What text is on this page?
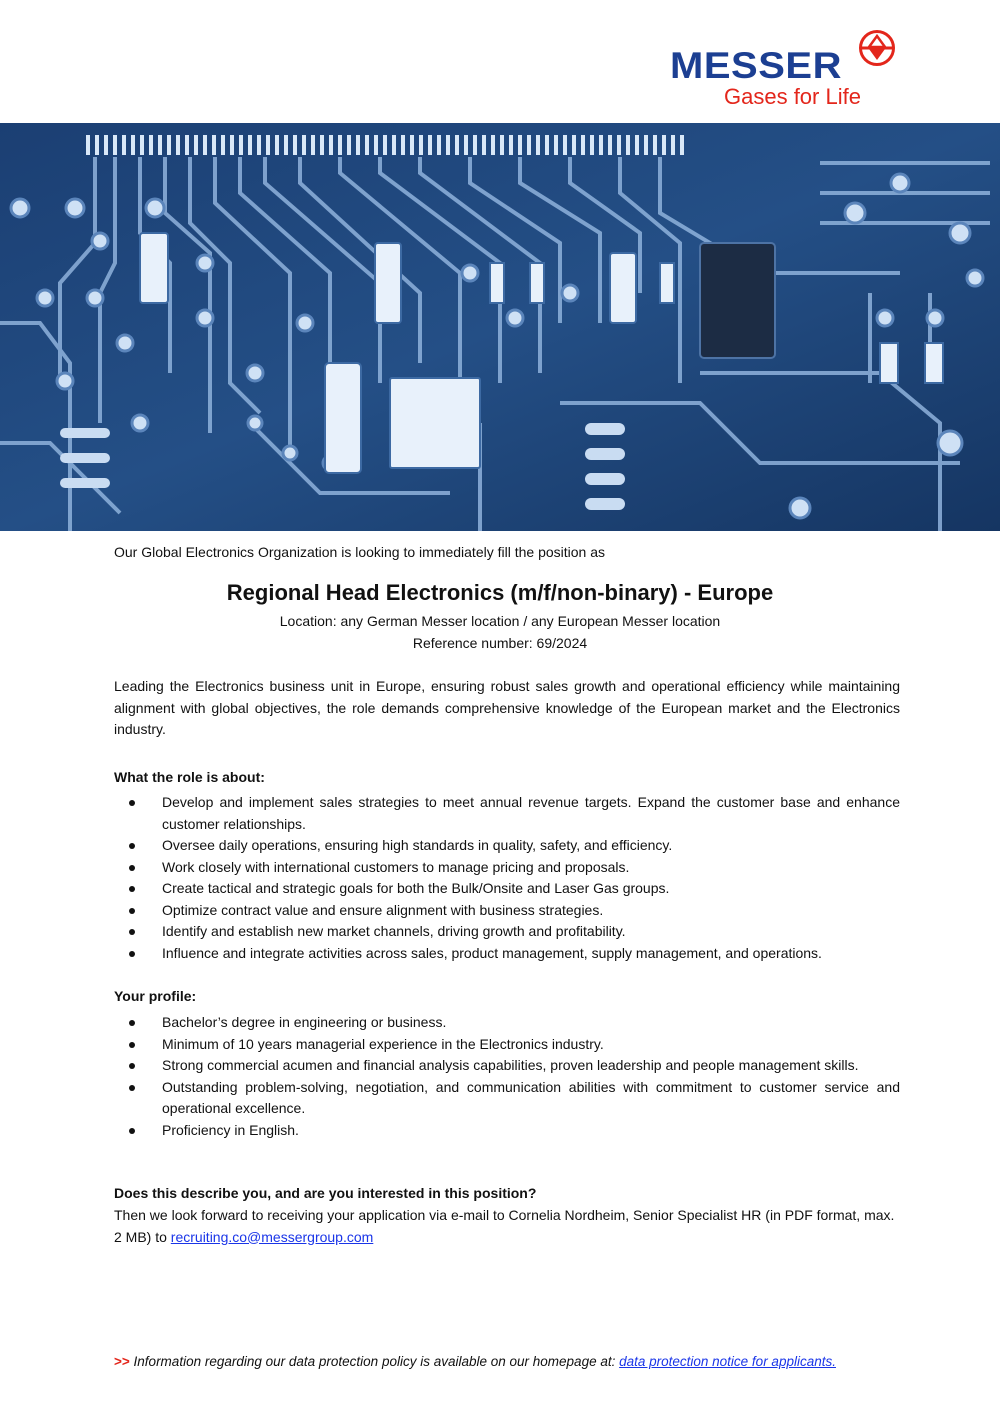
MESSER
Gases for Life
Our Global Electronics Organization is looking to immediately fill the position as
Regional Head Electronics (m/f/non-binary) - Europe
Location: any German Messer location / any European Messer location
Reference number: 69/2024
Leading the Electronics business unit in Europe, ensuring robust sales growth and operational efficiency while maintaining alignment with global objectives, the role demands comprehensive knowledge of the European market and the Electronics industry.
What the role is about:
Develop and implement sales strategies to meet annual revenue targets. Expand the customer base and enhance customer relationships.
Oversee daily operations, ensuring high standards in quality, safety, and efficiency.
Work closely with international customers to manage pricing and proposals.
Create tactical and strategic goals for both the Bulk/Onsite and Laser Gas groups.
Optimize contract value and ensure alignment with business strategies.
Identify and establish new market channels, driving growth and profitability.
Influence and integrate activities across sales, product management, supply management, and operations.
Your profile:
Bachelor’s degree in engineering or business.
Minimum of 10 years managerial experience in the Electronics industry.
Strong commercial acumen and financial analysis capabilities, proven leadership and people management skills.
Outstanding problem-solving, negotiation, and communication abilities with commitment to customer service and operational excellence.
Proficiency in English.
Does this describe you, and are you interested in this position?
Then we look forward to receiving your application via e-mail to Cornelia Nordheim, Senior Specialist HR (in PDF format, max. 2 MB) to recruiting.co@messergroup.com
>> Information regarding our data protection policy is available on our homepage at: data protection notice for applicants.
